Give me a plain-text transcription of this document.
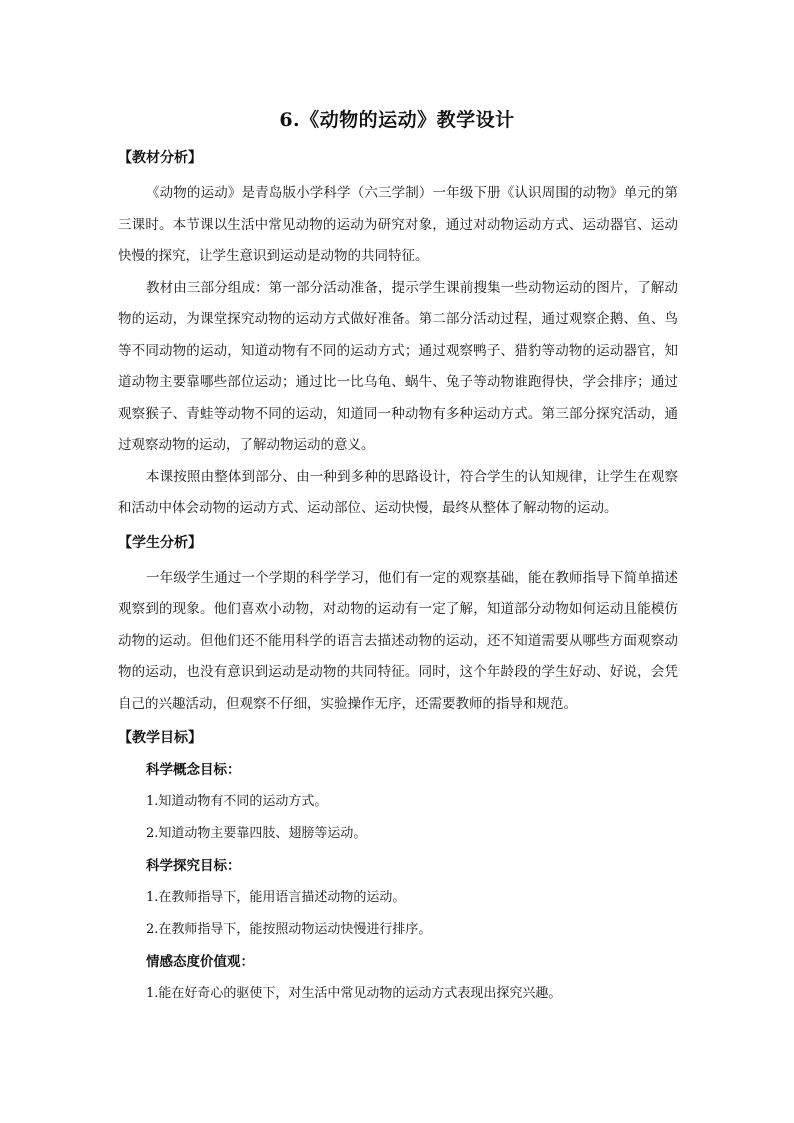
6.《动物的运动》教学设计
【教材分析】

《动物的运动》是青岛版小学科学（六三学制）一年级下册《认识周围的动物》单元的第三课时。本节课以生活中常见动物的运动为研究对象，通过对动物运动方式、运动器官、运动快慢的探究，让学生意识到运动是动物的共同特征。

教材由三部分组成：第一部分活动准备，提示学生课前搜集一些动物运动的图片，了解动物的运动，为课堂探究动物的运动方式做好准备。第二部分活动过程，通过观察企鹅、鱼、鸟等不同动物的运动，知道动物有不同的运动方式；通过观察鸭子、猎豹等动物的运动器官，知道动物主要靠哪些部位运动；通过比一比乌龟、蜗牛、兔子等动物谁跑得快，学会排序；通过观察猴子、青蛙等动物不同的运动，知道同一种动物有多种运动方式。第三部分探究活动，通过观察动物的运动，了解动物运动的意义。

本课按照由整体到部分、由一种到多种的思路设计，符合学生的认知规律，让学生在观察和活动中体会动物的运动方式、运动部位、运动快慢，最终从整体了解动物的运动。

【学生分析】

一年级学生通过一个学期的科学学习，他们有一定的观察基础，能在教师指导下简单描述观察到的现象。他们喜欢小动物，对动物的运动有一定了解，知道部分动物如何运动且能模仿动物的运动。但他们还不能用科学的语言去描述动物的运动，还不知道需要从哪些方面观察动物的运动，也没有意识到运动是动物的共同特征。同时，这个年龄段的学生好动、好说，会凭自己的兴趣活动，但观察不仔细，实验操作无序，还需要教师的指导和规范。

【教学目标】
科学概念目标：
1.知道动物有不同的运动方式。
2.知道动物主要靠四肢、翅膀等运动。
科学探究目标：
1.在教师指导下，能用语言描述动物的运动。
2.在教师指导下，能按照动物运动快慢进行排序。
情感态度价值观：
1.能在好奇心的驱使下，对生活中常见动物的运动方式表现出探究兴趣。
